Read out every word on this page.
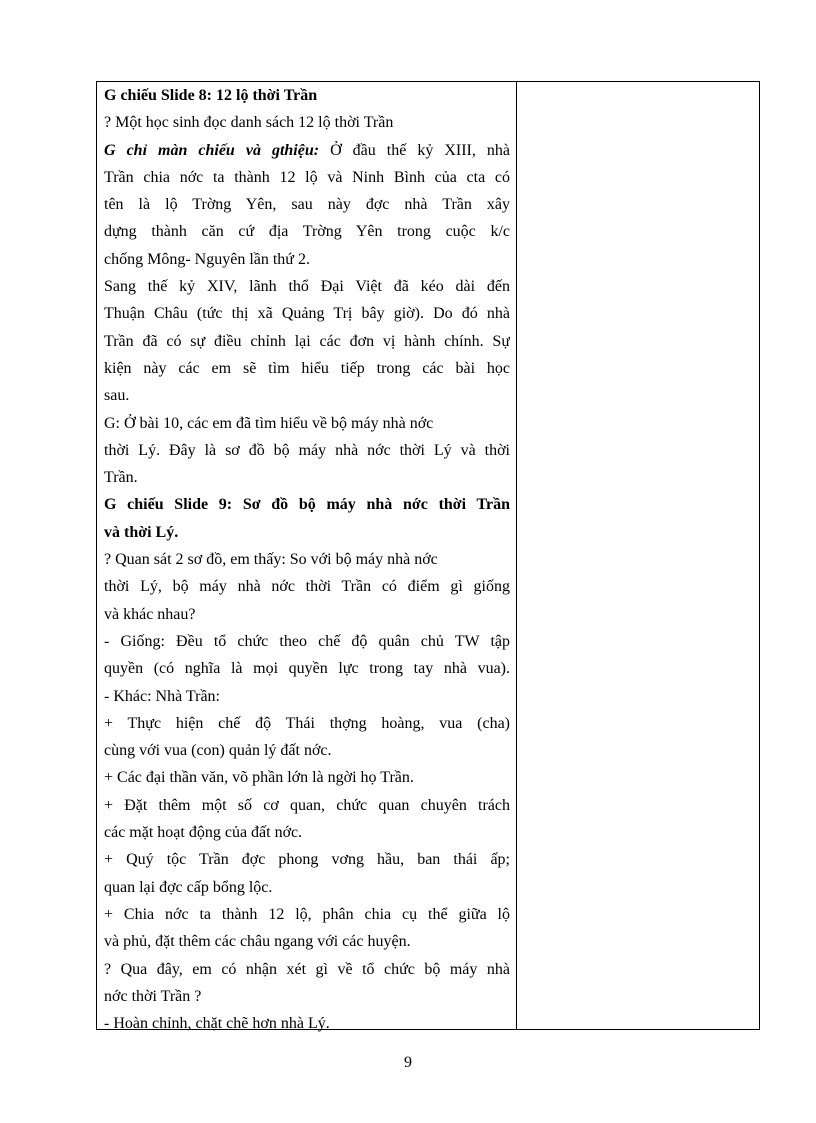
G chiếu Slide 8: 12 lộ thời Trần
? Một học sinh đọc danh sách 12 lộ thời Trần
G chỉ màn chiếu và gthiệu: Ở đầu thế kỷ XIII, nhà
Trần chia nớc ta thành 12 lộ và Ninh Bình của cta có
tên là lộ Trờng Yên, sau này đợc nhà Trần xây
dựng thành căn cứ địa Trờng Yên trong cuộc k/c
chống Mông- Nguyên lần thứ 2.
Sang thế kỷ XIV, lãnh thổ Đại Việt đã kéo dài đến
Thuận Châu (tức thị xã Quảng Trị bây giờ). Do đó nhà
Trần đã có sự điều chỉnh lại các đơn vị hành chính. Sự
kiện này các em sẽ tìm hiểu tiếp trong các bài học
sau.
G: Ở bài 10, các em đã tìm hiểu về bộ máy nhà nớc
thời Lý. Đây là sơ đồ bộ máy nhà nớc thời Lý và thời
Trần.
G chiếu Slide 9: Sơ đồ bộ máy nhà nớc thời Trần
và thời Lý.
? Quan sát 2 sơ đồ, em thấy: So với bộ máy nhà nớc
thời Lý, bộ máy nhà nớc thời Trần có điểm gì giống
và khác nhau?
- Giống: Đều tổ chức theo chế độ quân chủ TW tập
quyền (có nghĩa là mọi quyền lực trong tay nhà vua).
- Khác: Nhà Trần:
+ Thực hiện chế độ Thái thợng hoàng, vua (cha)
cùng với vua (con) quản lý đất nớc.
+ Các đại thần văn, võ phần lớn là ngời họ Trần.
+ Đặt thêm một số cơ quan, chức quan chuyên trách
các mặt hoạt động của đất nớc.
+ Quý tộc Trần đợc phong vơng hầu, ban thái ấp;
quan lại đợc cấp bổng lộc.
+ Chia nớc ta thành 12 lộ, phân chia cụ thể giữa lộ
và phủ, đặt thêm các châu ngang với các huyện.
? Qua đây, em có nhận xét gì về tổ chức bộ máy nhà
nớc thời Trần ?
- Hoàn chỉnh, chặt chẽ hơn nhà Lý.
9
